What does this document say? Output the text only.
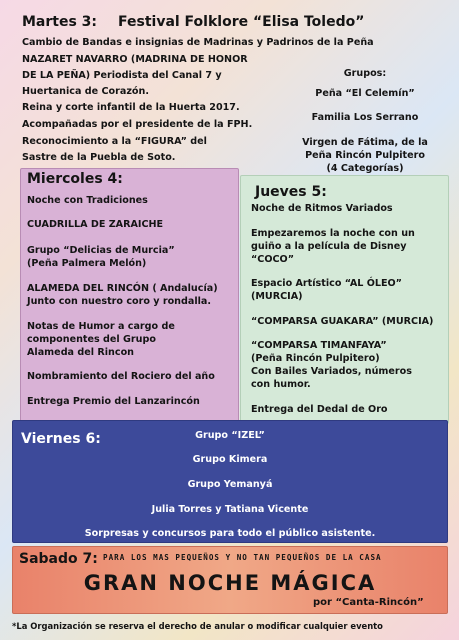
Martes 3: Festival Folklore “Elisa Toledo”
Cambio de Bandas e insignias de Madrinas y Padrinos de la Peña
NAZARET NAVARRO (MADRINA DE HONOR
DE LA PEÑA) Periodista del Canal 7 y
Huertanica de Corazón.
Reina y corte infantil de la Huerta 2017.
Acompañadas por el presidente de la FPH.
Reconocimiento a la “FIGURA” del
Sastre de la Puebla de Soto.
Grupos:
Peña “El Celemín”
Familia Los Serrano
Virgen de Fátima, de la
Peña Rincón Pulpitero
(4 Categorías)
Miercoles 4:
Noche con Tradiciones
CUADRILLA DE ZARAICHE
Grupo “Delicias de Murcia”
(Peña Palmera Melón)
ALAMEDA DEL RINCÓN ( Andalucía)
Junto con nuestro coro y rondalla.
Notas de Humor a cargo de
componentes del Grupo
Alameda del Rincon
Nombramiento del Rociero del año
Entrega Premio del Lanzarincón
Jueves 5:
Noche de Ritmos Variados
Empezaremos la noche con un
guiño a la película de Disney
“COCO”
Espacio Artístico “AL ÓLEO”
(MURCIA)
“COMPARSA GUAKARA” (MURCIA)
“COMPARSA TIMANFAYA”
(Peña Rincón Pulpitero)
Con Bailes Variados, números
con humor.
Entrega del Dedal de Oro
Viernes 6:	Grupo “IZEL”
Grupo Kimera
Grupo Yemanyá
Julia Torres y Tatiana Vicente
Sorpresas y concursos para todo el público asistente.
Sabado 7: PARA LOS MAS PEQUEÑOS Y NO TAN PEQUEÑOS DE LA CASA
GRAN NOCHE MÁGICA
por “Canta-Rincón”
*La Organización se reserva el derecho de anular o modificar cualquier evento
